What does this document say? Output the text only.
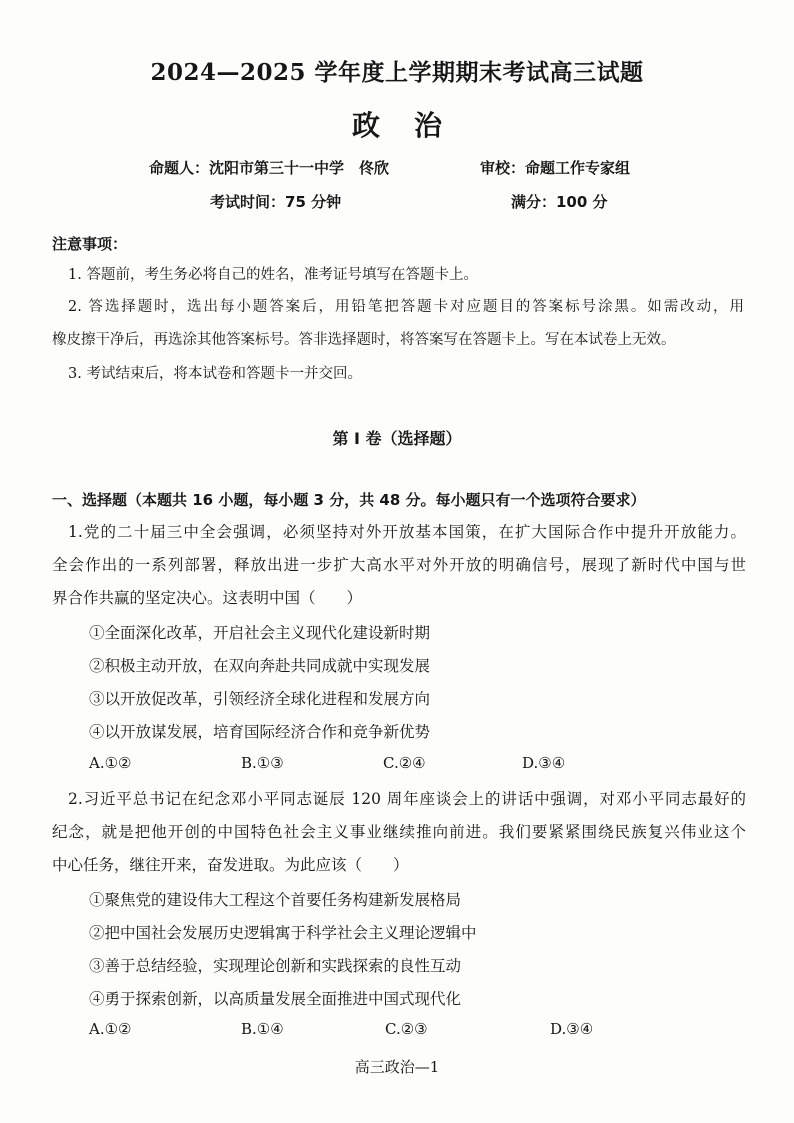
2024—2025 学年度上学期期末考试高三试题
政治
命题人：沈阳市第三十一中学　佟欣	审校：命题工作专家组
考试时间：75 分钟	满分：100 分
注意事项：
1. 答题前，考生务必将自己的姓名，准考证号填写在答题卡上。
2. 答选择题时，选出每小题答案后，用铅笔把答题卡对应题目的答案标号涂黑。如需改动，用
橡皮擦干净后，再选涂其他答案标号。答非选择题时，将答案写在答题卡上。写在本试卷上无效。
3. 考试结束后，将本试卷和答题卡一并交回。
第 I 卷（选择题）
一、选择题（本题共 16 小题，每小题 3 分，共 48 分。每小题只有一个选项符合要求）
1.党的二十届三中全会强调，必须坚持对外开放基本国策，在扩大国际合作中提升开放能力。
全会作出的一系列部署，释放出进一步扩大高水平对外开放的明确信号，展现了新时代中国与世
界合作共赢的坚定决心。这表明中国（　　）
①全面深化改革，开启社会主义现代化建设新时期
②积极主动开放，在双向奔赴共同成就中实现发展
③以开放促改革，引领经济全球化进程和发展方向
④以开放谋发展，培育国际经济合作和竞争新优势
A.①②	B.①③	C.②④	D.③④
2.习近平总书记在纪念邓小平同志诞辰 120 周年座谈会上的讲话中强调，对邓小平同志最好的
纪念，就是把他开创的中国特色社会主义事业继续推向前进。我们要紧紧围绕民族复兴伟业这个
中心任务，继往开来，奋发进取。为此应该（　　）
①聚焦党的建设伟大工程这个首要任务构建新发展格局
②把中国社会发展历史逻辑寓于科学社会主义理论逻辑中
③善于总结经验，实现理论创新和实践探索的良性互动
④勇于探索创新，以高质量发展全面推进中国式现代化
A.①②	B.①④	C.②③	D.③④
高三政治—1
